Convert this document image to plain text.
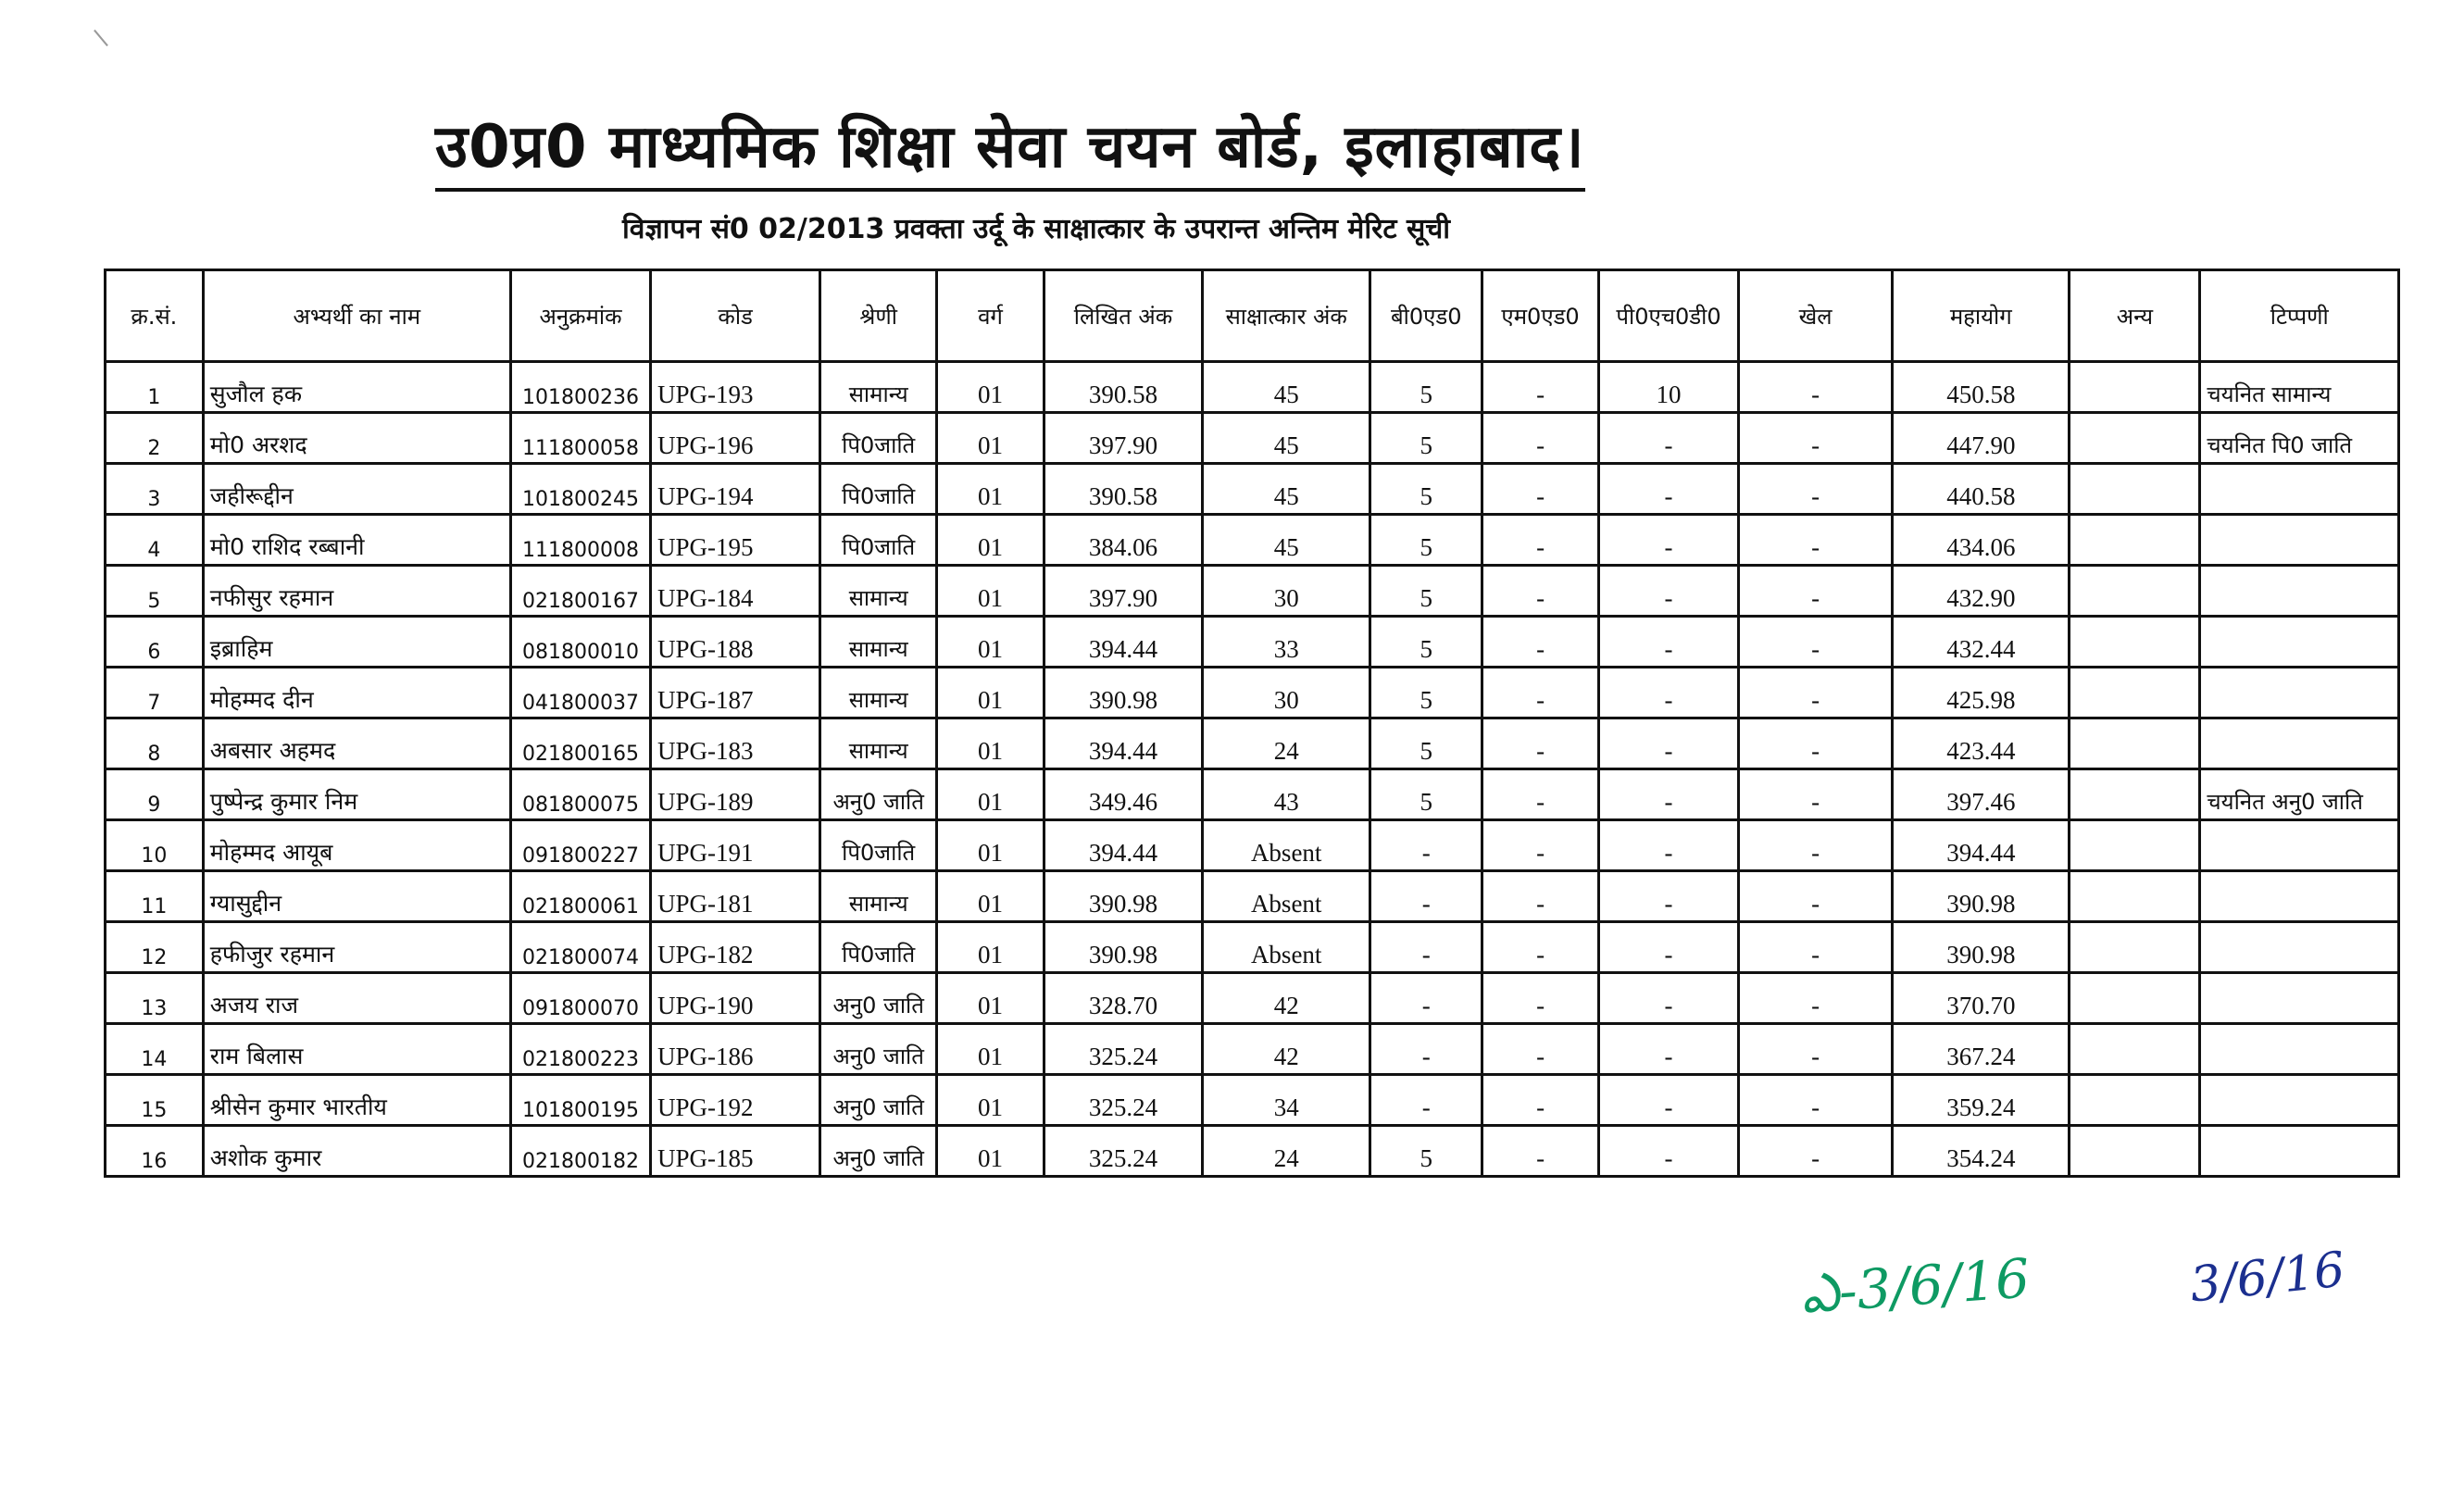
उ0प्र0 माध्यमिक शिक्षा सेवा चयन बोर्ड, इलाहाबाद।
विज्ञापन सं0 02/2013 प्रवक्ता उर्दू के साक्षात्कार के उपरान्त अन्तिम मेरिट सूची
क्र.सं.	अभ्यर्थी का नाम	अनुक्रमांक	कोड	श्रेणी	वर्ग	लिखित अंक	साक्षात्कार अंक	बी0एड0	एम0एड0	पी0एच0डी0	खेल	महायोग	अन्य	टिप्पणी
1	सुजौल हक	101800236	UPG-193	सामान्य	01	390.58	45	5	-	10	-	450.58		चयनित सामान्य
2	मो0 अरशद	111800058	UPG-196	पि0जाति	01	397.90	45	5	-	-	-	447.90		चयनित पि0 जाति
3	जहीरूद्दीन	101800245	UPG-194	पि0जाति	01	390.58	45	5	-	-	-	440.58		
4	मो0 राशिद रब्बानी	111800008	UPG-195	पि0जाति	01	384.06	45	5	-	-	-	434.06		
5	नफीसुर रहमान	021800167	UPG-184	सामान्य	01	397.90	30	5	-	-	-	432.90		
6	इब्राहिम	081800010	UPG-188	सामान्य	01	394.44	33	5	-	-	-	432.44		
7	मोहम्मद दीन	041800037	UPG-187	सामान्य	01	390.98	30	5	-	-	-	425.98		
8	अबसार अहमद	021800165	UPG-183	सामान्य	01	394.44	24	5	-	-	-	423.44		
9	पुष्पेन्द्र कुमार निम	081800075	UPG-189	अनु0 जाति	01	349.46	43	5	-	-	-	397.46		चयनित अनु0 जाति
10	मोहम्मद आयूब	091800227	UPG-191	पि0जाति	01	394.44	Absent	-	-	-	-	394.44		
11	ग्यासुद्दीन	021800061	UPG-181	सामान्य	01	390.98	Absent	-	-	-	-	390.98		
12	हफीजुर रहमान	021800074	UPG-182	पि0जाति	01	390.98	Absent	-	-	-	-	390.98		
13	अजय राज	091800070	UPG-190	अनु0 जाति	01	328.70	42	-	-	-	-	370.70		
14	राम बिलास	021800223	UPG-186	अनु0 जाति	01	325.24	42	-	-	-	-	367.24		
15	श्रीसेन कुमार भारतीय	101800195	UPG-192	अनु0 जाति	01	325.24	34	-	-	-	-	359.24		
16	अशोक कुमार	021800182	UPG-185	अनु0 जाति	01	325.24	24	5	-	-	-	354.24		
ఎ-3/6/16	3/6/16
